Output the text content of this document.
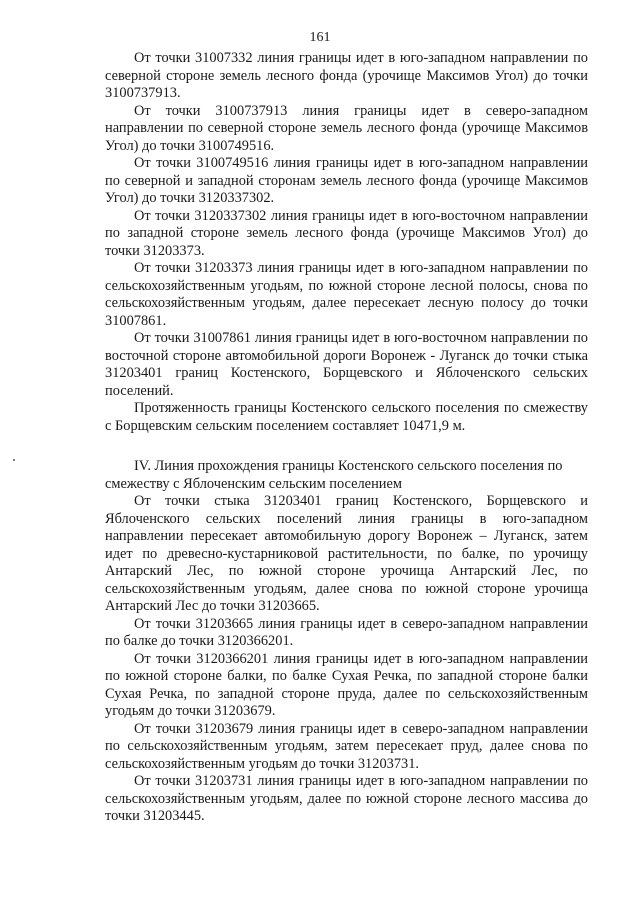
161

От точки 31007332 линия границы идет в юго-западном направлении по северной стороне земель лесного фонда (урочище Максимов Угол) до точки 3100737913.

От точки 3100737913 линия границы идет в северо-западном направлении по северной стороне земель лесного фонда (урочище Максимов Угол) до точки 3100749516.

От точки 3100749516 линия границы идет в юго-западном направлении по северной и западной сторонам земель лесного фонда (урочище Максимов Угол) до точки 3120337302.

От точки 3120337302 линия границы идет в юго-восточном направлении по западной стороне земель лесного фонда (урочище Максимов Угол) до точки 31203373.

От точки 31203373 линия границы идет в юго-западном направлении по сельскохозяйственным угодьям, по южной стороне лесной полосы, снова по сельскохозяйственным угодьям, далее пересекает лесную полосу до точки 31007861.

От точки 31007861 линия границы идет в юго-восточном направлении по восточной стороне автомобильной дороги Воронеж - Луганск до точки стыка 31203401 границ Костенского, Борщевского и Яблоченского сельских поселений.

Протяженность границы Костенского сельского поселения по смежеству с Борщевским сельским поселением составляет 10471,9 м.

IV. Линия прохождения границы Костенского сельского поселения по смежеству с Яблоченским сельским поселением

От точки стыка 31203401 границ Костенского, Борщевского и Яблоченского сельских поселений линия границы в юго-западном направлении пересекает автомобильную дорогу Воронеж – Луганск, затем идет по древесно-кустарниковой растительности, по балке, по урочищу Антарский Лес, по южной стороне урочища Антарский Лес, по сельскохозяйственным угодьям, далее снова по южной стороне урочища Антарский Лес до точки 31203665.

От точки 31203665 линия границы идет в северо-западном направлении по балке до точки 3120366201.

От точки 3120366201 линия границы идет в юго-западном направлении по южной стороне балки, по балке Сухая Речка, по западной стороне балки Сухая Речка, по западной стороне пруда, далее по сельскохозяйственным угодьям до точки 31203679.

От точки 31203679 линия границы идет в северо-западном направлении по сельскохозяйственным угодьям, затем пересекает пруд, далее снова по сельскохозяйственным угодьям до точки 31203731.

От точки 31203731 линия границы идет в юго-западном направлении по сельскохозяйственным угодьям, далее по южной стороне лесного массива до точки 31203445.
